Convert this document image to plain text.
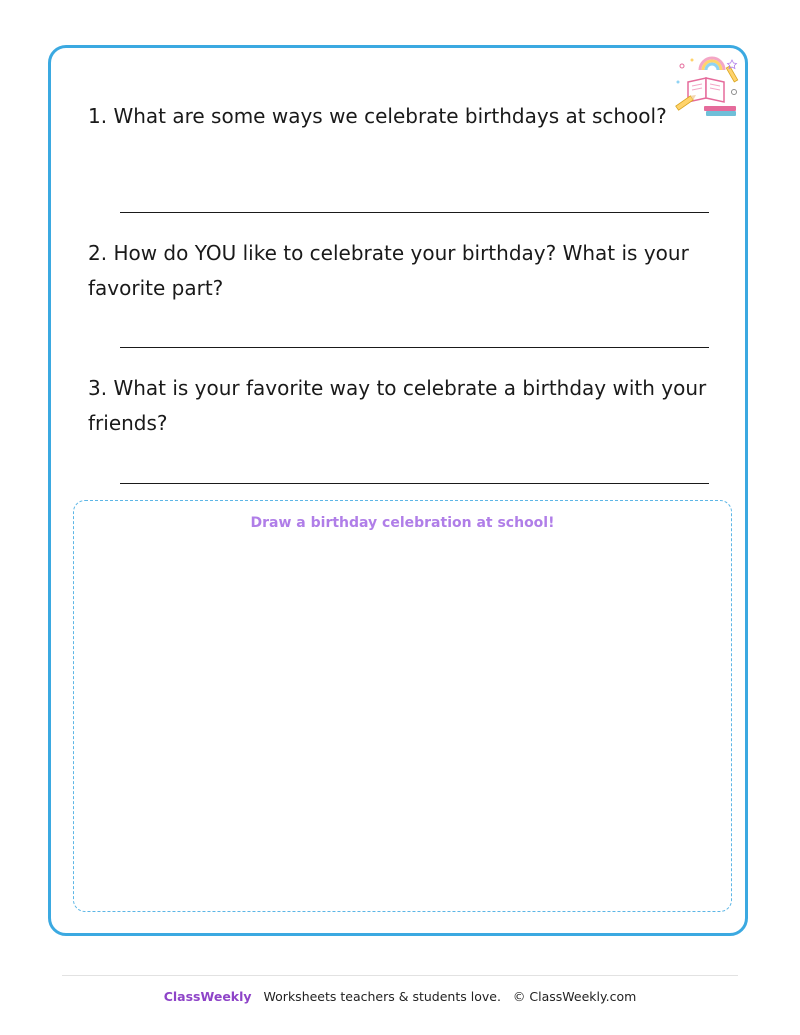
1. What are some ways we celebrate birthdays at school?

2. How do YOU like to celebrate your birthday? What is your favorite part?

3. What is your favorite way to celebrate a birthday with your friends?

Draw a birthday celebration at school!
ClassWeekly Worksheets teachers & students love. © ClassWeekly.com
